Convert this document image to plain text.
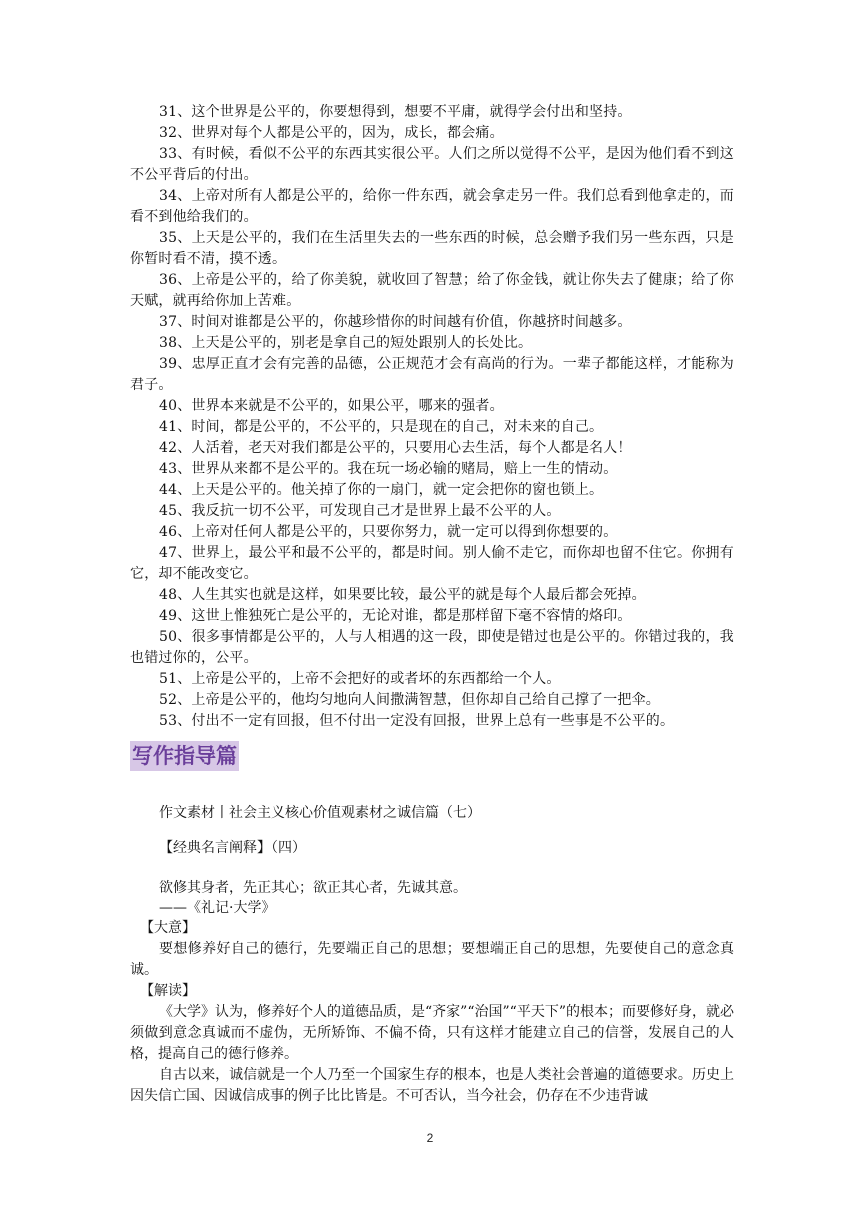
31、这个世界是公平的，你要想得到，想要不平庸，就得学会付出和坚持。

32、世界对每个人都是公平的，因为，成长，都会痛。

33、有时候，看似不公平的东西其实很公平。人们之所以觉得不公平，是因为他们看不到这不公平背后的付出。

34、上帝对所有人都是公平的，给你一件东西，就会拿走另一件。我们总看到他拿走的，而看不到他给我们的。

35、上天是公平的，我们在生活里失去的一些东西的时候，总会赠予我们另一些东西，只是你暂时看不清，摸不透。

36、上帝是公平的，给了你美貌，就收回了智慧；给了你金钱，就让你失去了健康；给了你天赋，就再给你加上苦难。

37、时间对谁都是公平的，你越珍惜你的时间越有价值，你越挤时间越多。

38、上天是公平的，别老是拿自己的短处跟别人的长处比。

39、忠厚正直才会有完善的品德，公正规范才会有高尚的行为。一辈子都能这样，才能称为君子。

40、世界本来就是不公平的，如果公平，哪来的强者。

41、时间，都是公平的，不公平的，只是现在的自己，对未来的自己。

42、人活着，老天对我们都是公平的，只要用心去生活，每个人都是名人！

43、世界从来都不是公平的。我在玩一场必输的赌局，赔上一生的情动。

44、上天是公平的。他关掉了你的一扇门，就一定会把你的窗也锁上。

45、我反抗一切不公平，可发现自己才是世界上最不公平的人。

46、上帝对任何人都是公平的，只要你努力，就一定可以得到你想要的。

47、世界上，最公平和最不公平的，都是时间。别人偷不走它，而你却也留不住它。你拥有它，却不能改变它。

48、人生其实也就是这样，如果要比较，最公平的就是每个人最后都会死掉。

49、这世上惟独死亡是公平的，无论对谁，都是那样留下毫不容情的烙印。

50、很多事情都是公平的，人与人相遇的这一段，即使是错过也是公平的。你错过我的，我也错过你的，公平。

51、上帝是公平的，上帝不会把好的或者坏的东西都给一个人。

52、上帝是公平的，他均匀地向人间撒满智慧，但你却自己给自己撑了一把伞。

53、付出不一定有回报，但不付出一定没有回报，世界上总有一些事是不公平的。

写作指导篇

作文素材丨社会主义核心价值观素材之诚信篇（七）

【经典名言阐释】（四）

欲修其身者，先正其心；欲正其心者，先诚其意。

——《礼记·大学》

【大意】

要想修养好自己的德行，先要端正自己的思想；要想端正自己的思想，先要使自己的意念真诚。

【解读】

《大学》认为，修养好个人的道德品质，是“齐家”“治国”“平天下”的根本；而要修好身，就必须做到意念真诚而不虚伪，无所矫饰、不偏不倚，只有这样才能建立自己的信誉，发展自己的人格，提高自己的德行修养。

自古以来，诚信就是一个人乃至一个国家生存的根本，也是人类社会普遍的道德要求。历史上因失信亡国、因诚信成事的例子比比皆是。不可否认，当今社会，仍存在不少违背诚

2
